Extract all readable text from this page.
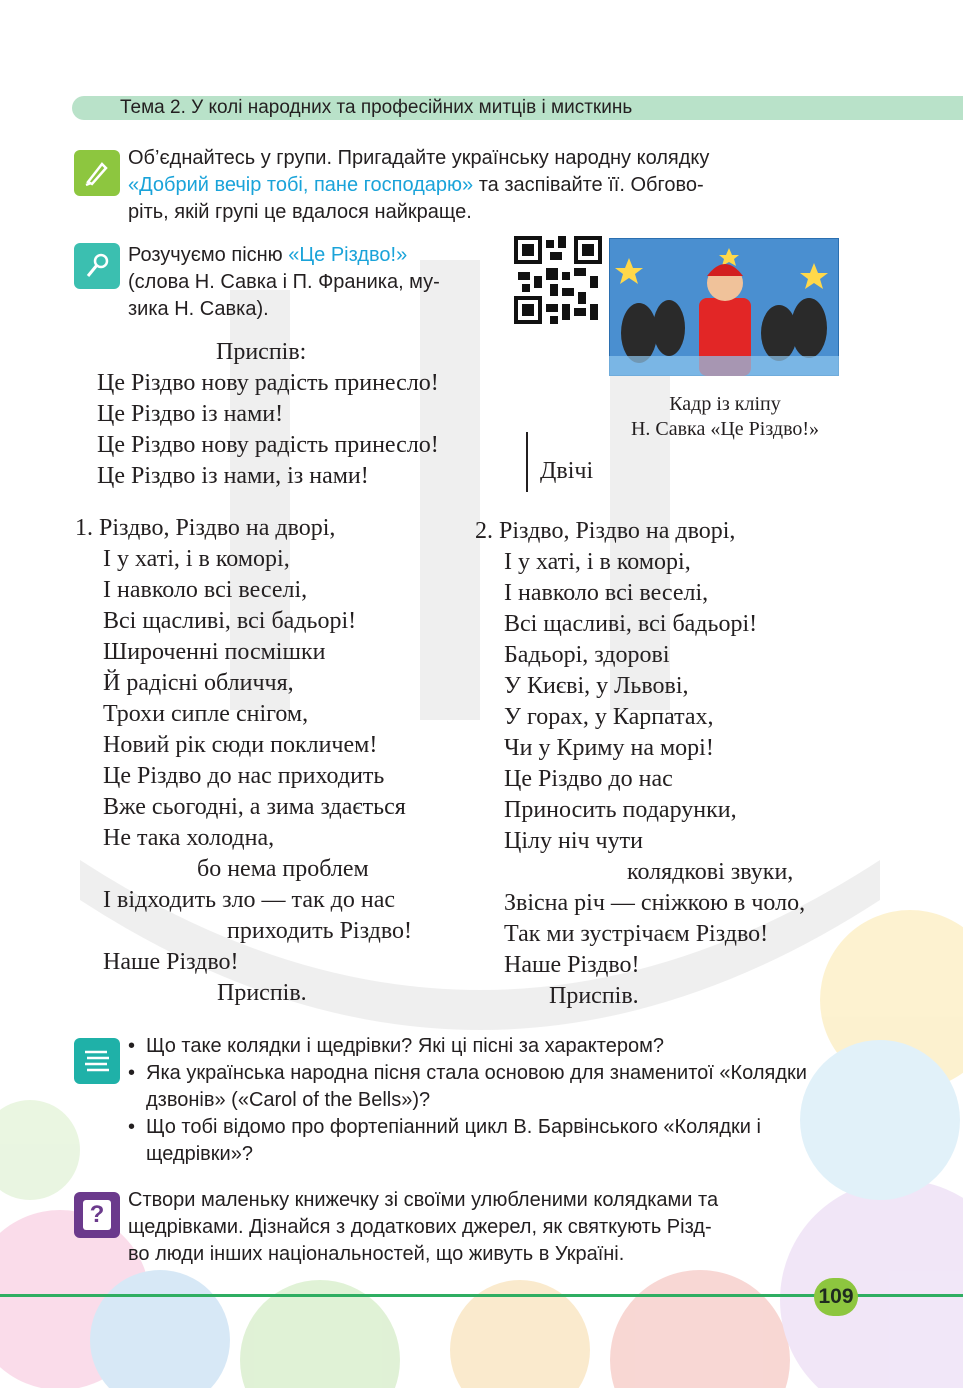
Тема 2. У колі народних та професійних митців і мисткинь
Об’єднайтесь у групи. Пригадайте українську народну колядку
«Добрий вечір тобі, пане господарю» та заспівайте її. Обгово-
ріть, якій групі це вдалося найкраще.
Розучуємо пісню «Це Різдво!»
(слова Н. Савка і П. Франика, му-
зика Н. Савка).
Кадр із кліпу
Н. Савка «Це Різдво!»
Приспів:
Це Різдво нову радість принесло!
Це Різдво із нами!
Це Різдво нову радість принесло!
Це Різдво із нами, із нами!	Двічі
1. Різдво, Різдво на дворі,
І у хаті, і в коморі,
І навколо всі веселі,
Всі щасливі, всі бадьорі!
Широченні посмішки
Й радісні обличчя,
Трохи сипле снігом,
Новий рік сюди покличем!
Це Різдво до нас приходить
Вже сьогодні, а зима здається
Не така холодна,
бо нема проблем
І відходить зло — так до нас
приходить Різдво!
Наше Різдво!
Приспів.
2. Різдво, Різдво на дворі,
І у хаті, і в коморі,
І навколо всі веселі,
Всі щасливі, всі бадьорі!
Бадьорі, здорові
У Києві, у Львові,
У горах, у Карпатах,
Чи у Криму на морі!
Це Різдво до нас
Приносить подарунки,
Цілу ніч чути
колядкові звуки,
Звісна річ — сніжкою в чоло,
Так ми зустрічаєм Різдво!
Наше Різдво!
Приспів.
• Що таке колядки і щедрівки? Які ці пісні за характером?
• Яка українська народна пісня стала основою для знаменитої «Колядки дзвонів» («Carol of the Bells»)?
• Що тобі відомо про фортепіанний цикл В. Барвінського «Колядки і щедрівки»?
?
Створи маленьку книжечку зі своїми улюбленими колядками та
щедрівками. Дізнайся з додаткових джерел, як святкують Різд-
во люди інших національностей, що живуть в Україні.
109
